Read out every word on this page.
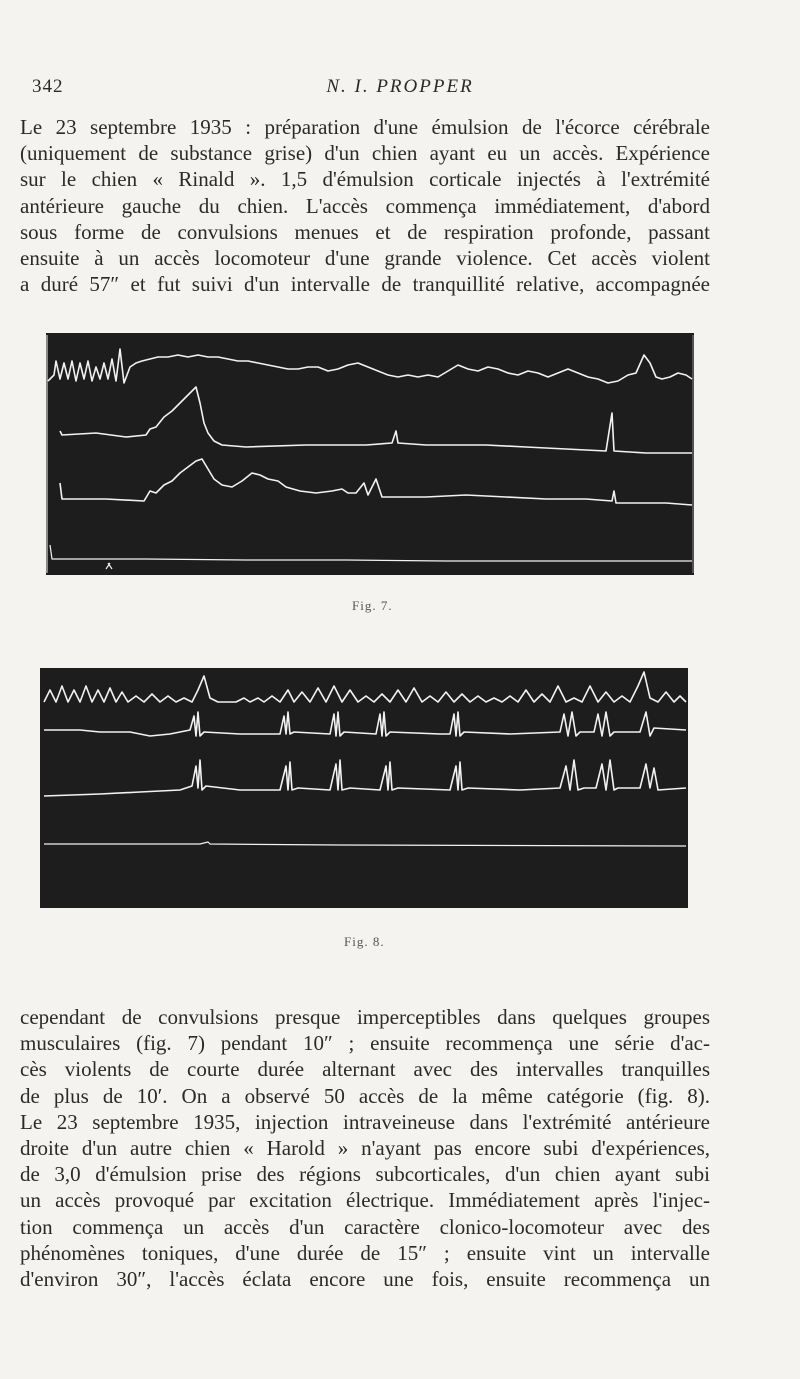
342	N. I. PROPPER
Le 23 septembre 1935 : préparation d'une émulsion de l'écorce cérébrale
(uniquement de substance grise) d'un chien ayant eu un accès. Expérience
sur le chien « Rinald ». 1,5 d'émulsion corticale injectés à l'extrémité
antérieure gauche du chien. L'accès commença immédiatement, d'abord
sous forme de convulsions menues et de respiration profonde, passant
ensuite à un accès locomoteur d'une grande violence. Cet accès violent
a duré 57″ et fut suivi d'un intervalle de tranquillité relative, accompagnée
Fig. 7.
Fig. 8.
cependant de convulsions presque imperceptibles dans quelques groupes
musculaires (fig. 7) pendant 10″ ; ensuite recommença une série d'ac-
cès violents de courte durée alternant avec des intervalles tranquilles
de plus de 10′. On a observé 50 accès de la même catégorie (fig. 8).
Le 23 septembre 1935, injection intraveineuse dans l'extrémité antérieure
droite d'un autre chien « Harold » n'ayant pas encore subi d'expériences,
de 3,0 d'émulsion prise des régions subcorticales, d'un chien ayant subi
un accès provoqué par excitation électrique. Immédiatement après l'injec-
tion commença un accès d'un caractère clonico-locomoteur avec des
phénomènes toniques, d'une durée de 15″ ; ensuite vint un intervalle
d'environ 30″, l'accès éclata encore une fois, ensuite recommença un
